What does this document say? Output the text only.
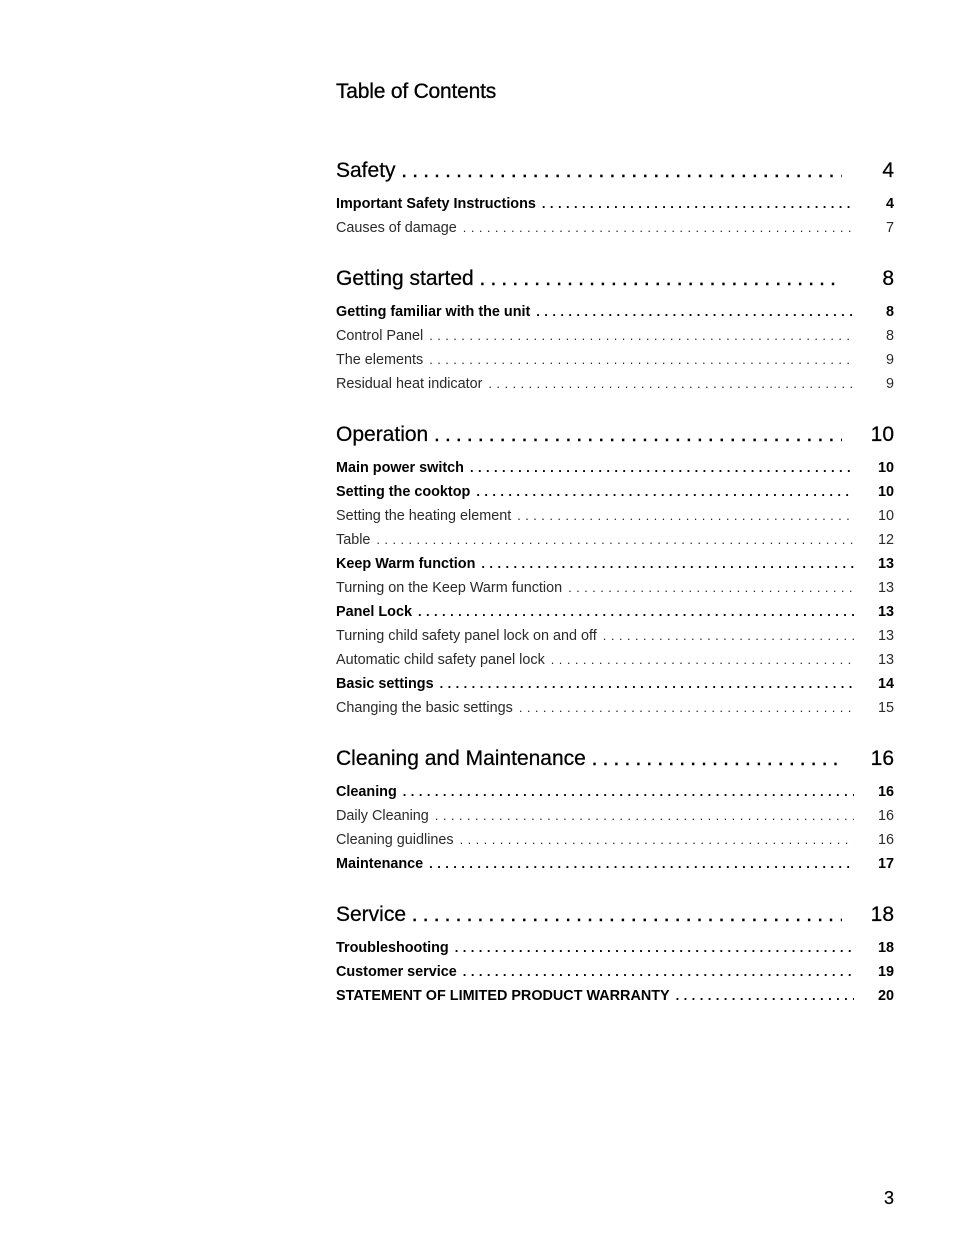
Table of Contents
Safety . . .	4
Important Safety Instructions . . .	4
Causes of damage . . .	7
Getting started . . .	8
Getting familiar with the unit . . .	8
Control Panel . . .	8
The elements . . .	9
Residual heat indicator . . .	9
Operation . . .	10
Main power switch . . .	10
Setting the cooktop . . .	10
Setting the heating element . . .	10
Table . . .	12
Keep Warm function . . .	13
Turning on the Keep Warm function . . .	13
Panel Lock . . .	13
Turning child safety panel lock on and off . . .	13
Automatic child safety panel lock . . .	13
Basic settings . . .	14
Changing the basic settings . . .	15
Cleaning and Maintenance . . .	16
Cleaning . . .	16
Daily Cleaning . . .	16
Cleaning guidlines . . .	16
Maintenance . . .	17
Service . . .	18
Troubleshooting . . .	18
Customer service . . .	19
STATEMENT OF LIMITED PRODUCT WARRANTY . . .	20
3
